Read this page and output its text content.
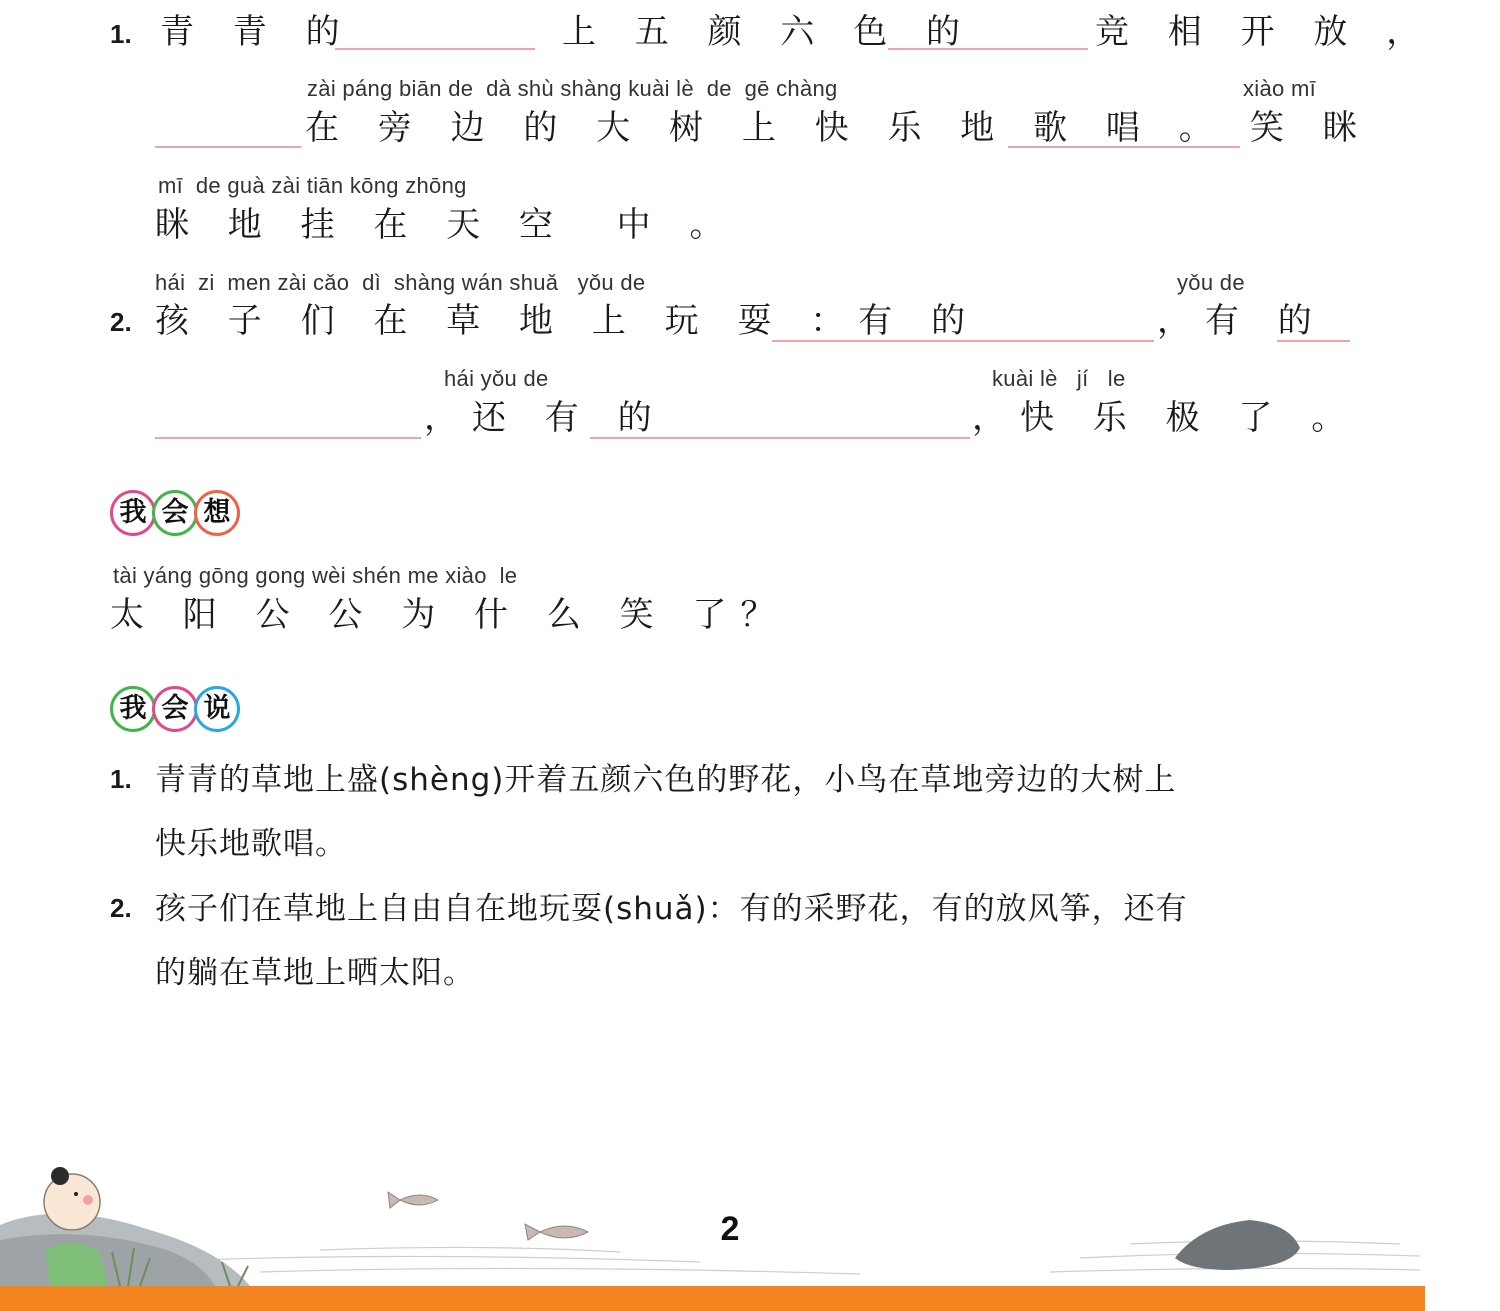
1. 青 青 的	上 五 颜 六 色 的	竞 相 开 放 ，
zài páng biān de  dà shù shàng kuài lè  de  gē chàng	xiào mī
在 旁 边 的 大 树 上 快 乐 地 歌 唱 。 笑 眯
mī  de guà zài tiān kōng zhōng
眯 地 挂 在 天 空  中 。
hái  zi  men zài cǎo  dì  shàng wán shuǎ   yǒu de	yǒu de
2. 孩 子 们 在 草 地 上 玩 耍 ：有 的	，有 的
hái yǒu de	kuài lè   jí   le
，还 有 的	，快 乐 极 了 。
我 会 想
tài yáng gōng gong wèi shén me xiào  le
太 阳 公 公 为 什 么 笑 了？
我 会 说
1. 青青的草地上盛(shèng)开着五颜六色的野花，小鸟在草地旁边的大树上
快乐地歌唱。
2. 孩子们在草地上自由自在地玩耍(shuǎ)：有的采野花，有的放风筝，还有
的躺在草地上晒太阳。
2
